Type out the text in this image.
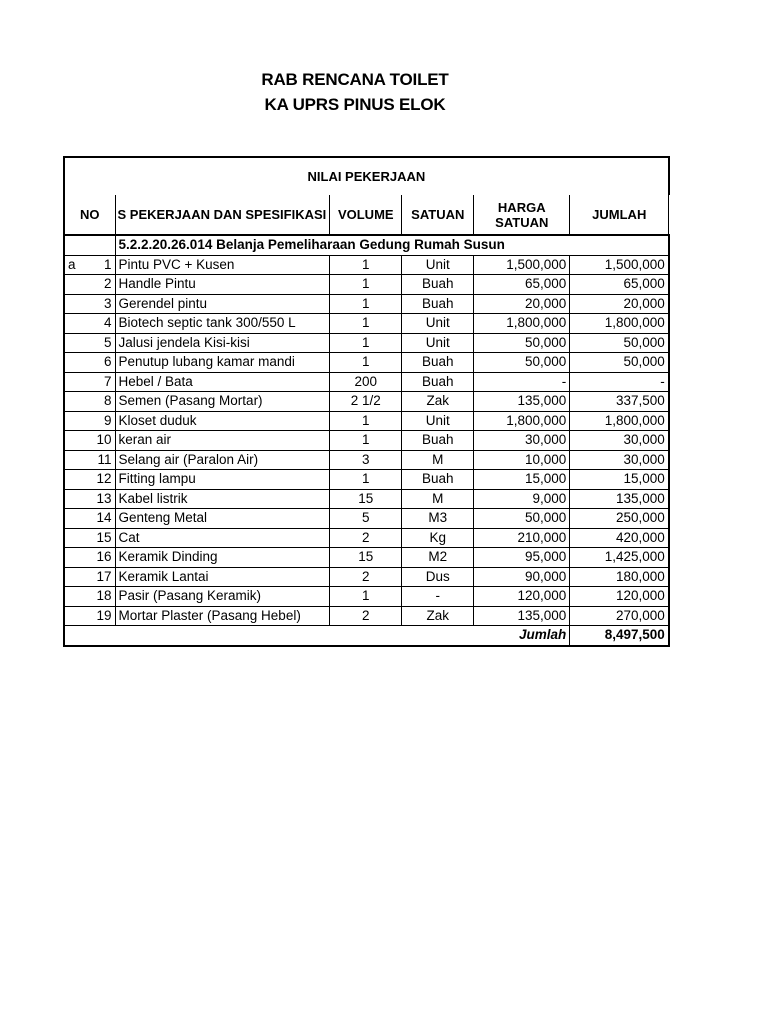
RAB RENCANA TOILET
KA UPRS PINUS ELOK
NILAI PEKERJAAN					
NO	S PEKERJAAN DAN SPESIFIKASI	VOLUME	SATUAN	HARGA SATUAN	JUMLAH
	5.2.2.20.26.014 Belanja Pemeliharaan Gedung Rumah Susun				

a 1	Pintu PVC + Kusen	1	Unit	1,500,000	1,500,000

2	Handle Pintu	1	Buah	65,000	65,000

3	Gerendel pintu	1	Buah	20,000	20,000

4	Biotech septic tank 300/550 L	1	Unit	1,800,000	1,800,000

5	Jalusi jendela Kisi-kisi	1	Unit	50,000	50,000

6	Penutup lubang kamar mandi	1	Buah	50,000	50,000

7	Hebel / Bata	200	Buah	-	-

8	Semen (Pasang Mortar)	2 1/2	Zak	135,000	337,500

9	Kloset duduk	1	Unit	1,800,000	1,800,000

10	keran air	1	Buah	30,000	30,000

11	Selang air (Paralon Air)	3	M	10,000	30,000

12	Fitting lampu	1	Buah	15,000	15,000

13	Kabel listrik	15	M	9,000	135,000

14	Genteng Metal	5	M3	50,000	250,000

15	Cat	2	Kg	210,000	420,000

16	Keramik Dinding	15	M2	95,000	1,425,000

17	Keramik Lantai	2	Dus	90,000	180,000

18	Pasir (Pasang Keramik)	1	-	120,000	120,000

19	Mortar Plaster (Pasang Hebel)	2	Zak	135,000	270,000
				Jumlah	8,497,500
